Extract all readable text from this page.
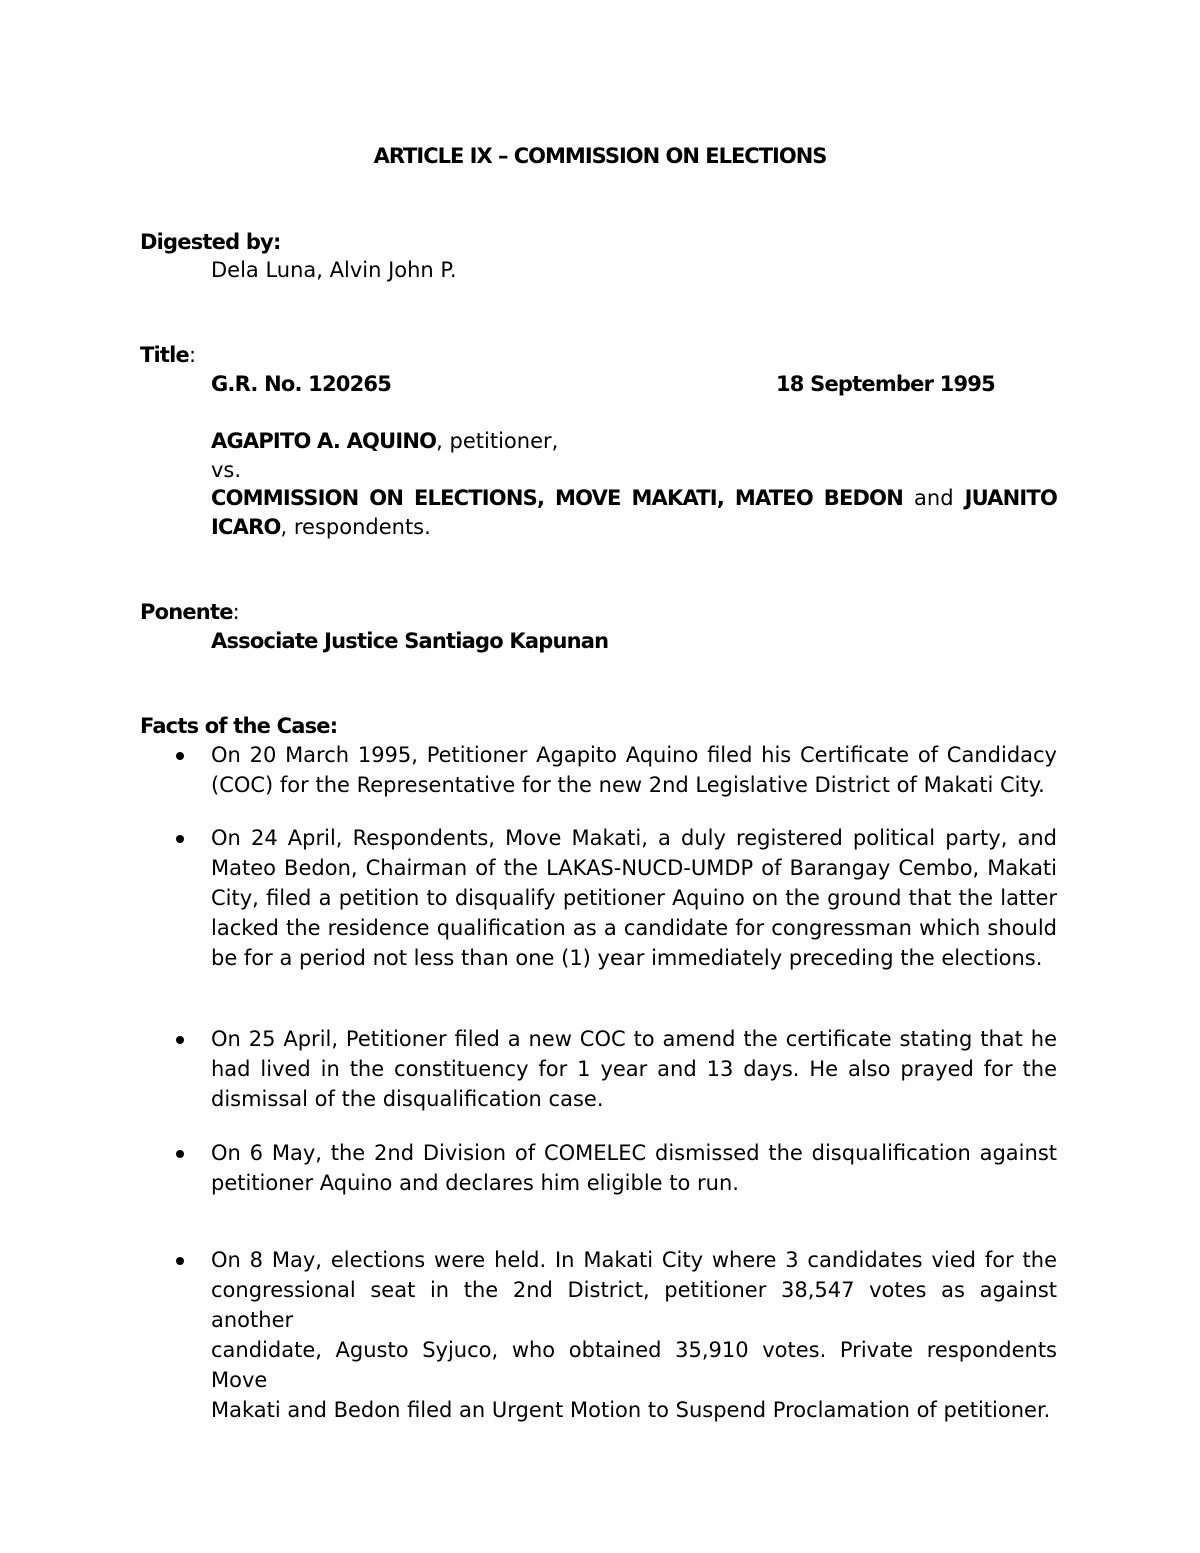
ARTICLE IX – COMMISSION ON ELECTIONS
Digested by:
Dela Luna, Alvin John P.
Title:
G.R. No. 120265	18 September 1995
AGAPITO A. AQUINO, petitioner,
vs.
COMMISSION ON ELECTIONS, MOVE MAKATI, MATEO BEDON and JUANITO
ICARO, respondents.
Ponente:
Associate Justice Santiago Kapunan
Facts of the Case:
On 20 March 1995, Petitioner Agapito Aquino filed his Certificate of Candidacy
(COC) for the Representative for the new 2nd Legislative District of Makati City.
On 24 April, Respondents, Move Makati, a duly registered political party, and
Mateo Bedon, Chairman of the LAKAS-NUCD-UMDP of Barangay Cembo, Makati
City, filed a petition to disqualify petitioner Aquino on the ground that the latter
lacked the residence qualification as a candidate for congressman which should
be for a period not less than one (1) year immediately preceding the elections.
On 25 April, Petitioner filed a new COC to amend the certificate stating that he
had lived in the constituency for 1 year and 13 days. He also prayed for the
dismissal of the disqualification case.
On 6 May, the 2nd Division of COMELEC dismissed the disqualification against
petitioner Aquino and declares him eligible to run.
On 8 May, elections were held. In Makati City where 3 candidates vied for the
congressional seat in the 2nd District, petitioner 38,547 votes as against another
candidate, Agusto Syjuco, who obtained 35,910 votes. Private respondents Move
Makati and Bedon filed an Urgent Motion to Suspend Proclamation of petitioner.
